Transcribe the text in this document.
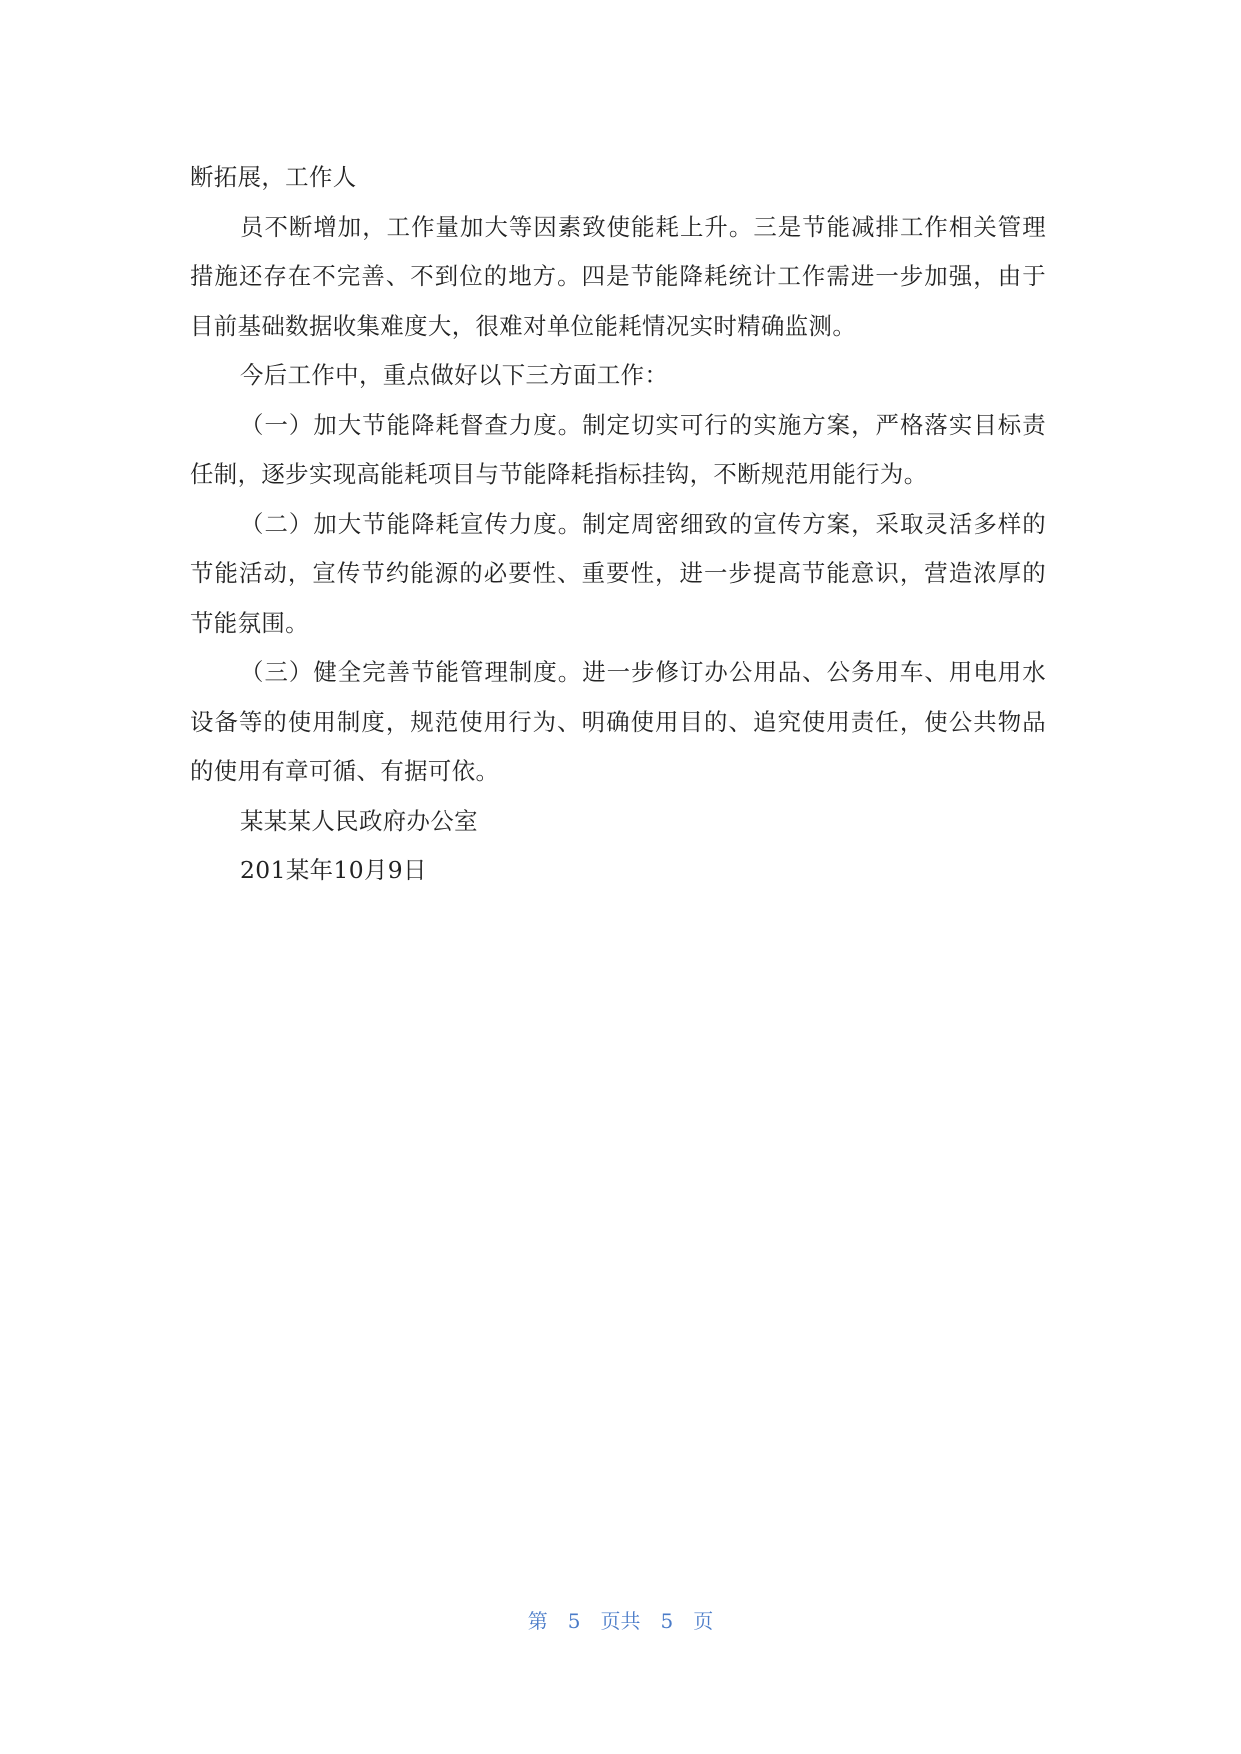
断拓展，工作人

员不断增加，工作量加大等因素致使能耗上升。三是节能减排工作相关管理措施还存在不完善、不到位的地方。四是节能降耗统计工作需进一步加强，由于目前基础数据收集难度大，很难对单位能耗情况实时精确监测。

今后工作中，重点做好以下三方面工作：

（一）加大节能降耗督查力度。制定切实可行的实施方案，严格落实目标责任制，逐步实现高能耗项目与节能降耗指标挂钩，不断规范用能行为。

（二）加大节能降耗宣传力度。制定周密细致的宣传方案，采取灵活多样的节能活动，宣传节约能源的必要性、重要性，进一步提高节能意识，营造浓厚的节能氛围。

（三）健全完善节能管理制度。进一步修订办公用品、公务用车、用电用水设备等的使用制度，规范使用行为、明确使用目的、追究使用责任，使公共物品的使用有章可循、有据可依。

某某某人民政府办公室

201某年10月9日

第 5 页共 5 页
